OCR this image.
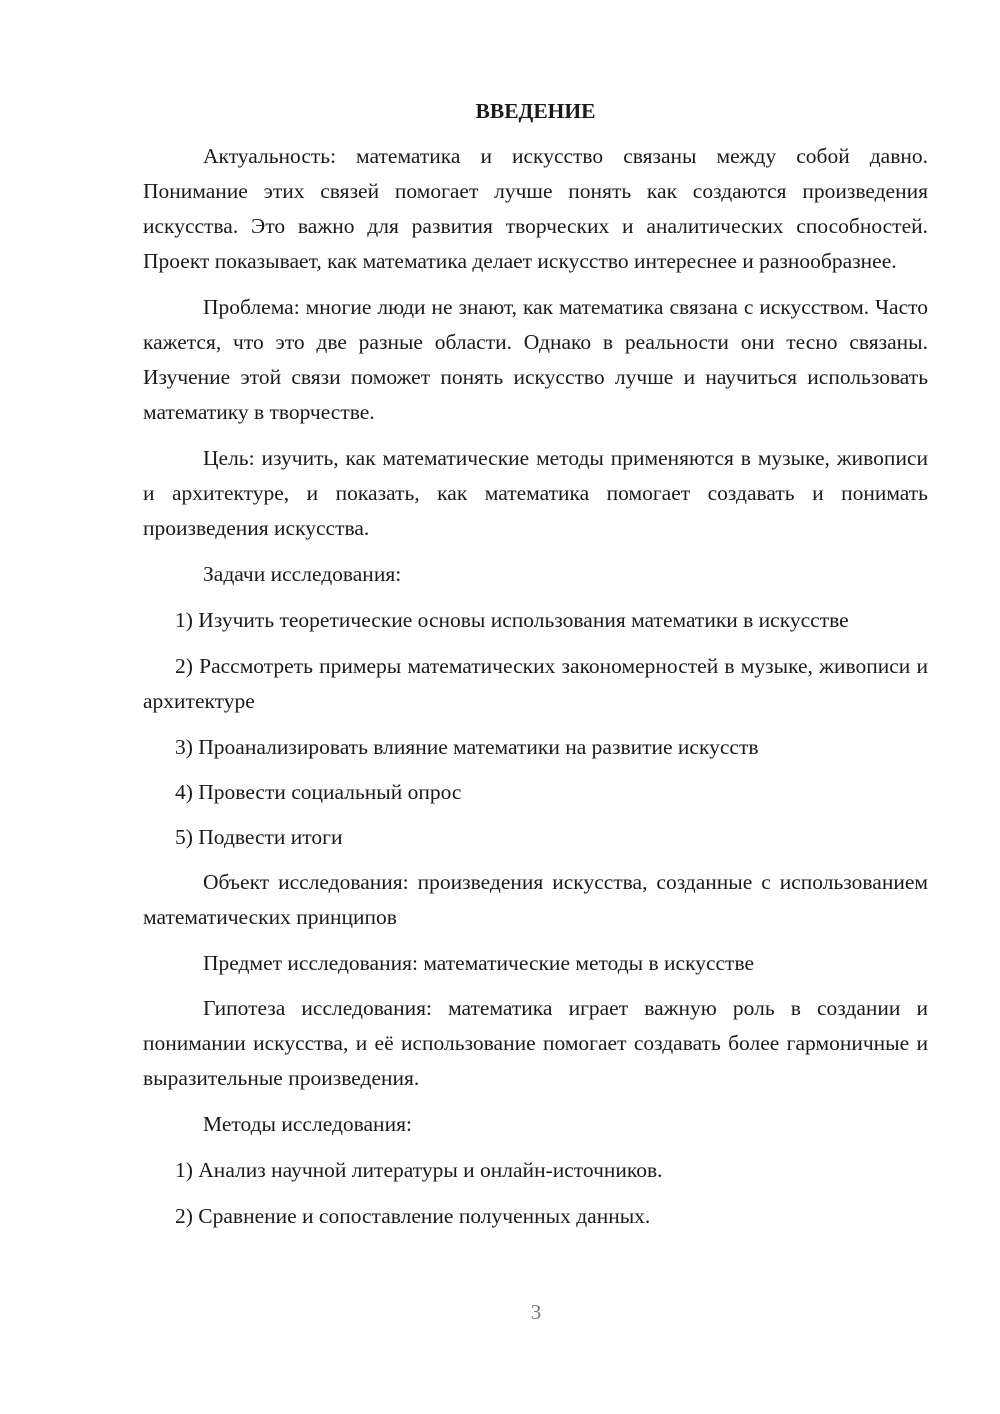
ВВЕДЕНИЕ

Актуальность: математика и искусство связаны между собой давно. Понимание этих связей помогает лучше понять как создаются произведения искусства. Это важно для развития творческих и аналитических способностей. Проект показывает, как математика делает искусство интереснее и разнообразнее.

Проблема: многие люди не знают, как математика связана с искусством. Часто кажется, что это две разные области. Однако в реальности они тесно связаны. Изучение этой связи поможет понять искусство лучше и научиться использовать математику в творчестве.

Цель: изучить, как математические методы применяются в музыке, живописи и архитектуре, и показать, как математика помогает создавать и понимать произведения искусства.

Задачи исследования:

1) Изучить теоретические основы использования математики в искусстве

2) Рассмотреть примеры математических закономерностей в музыке, живописи и архитектуре

3) Проанализировать влияние математики на развитие искусств

4) Провести социальный опрос

5) Подвести итоги

Объект исследования: произведения искусства, созданные с использованием математических принципов

Предмет исследования: математические методы в искусстве

Гипотеза исследования: математика играет важную роль в создании и понимании искусства, и её использование помогает создавать более гармоничные и выразительные произведения.

Методы исследования:

1) Анализ научной литературы и онлайн-источников.

2) Сравнение и сопоставление полученных данных.

3
